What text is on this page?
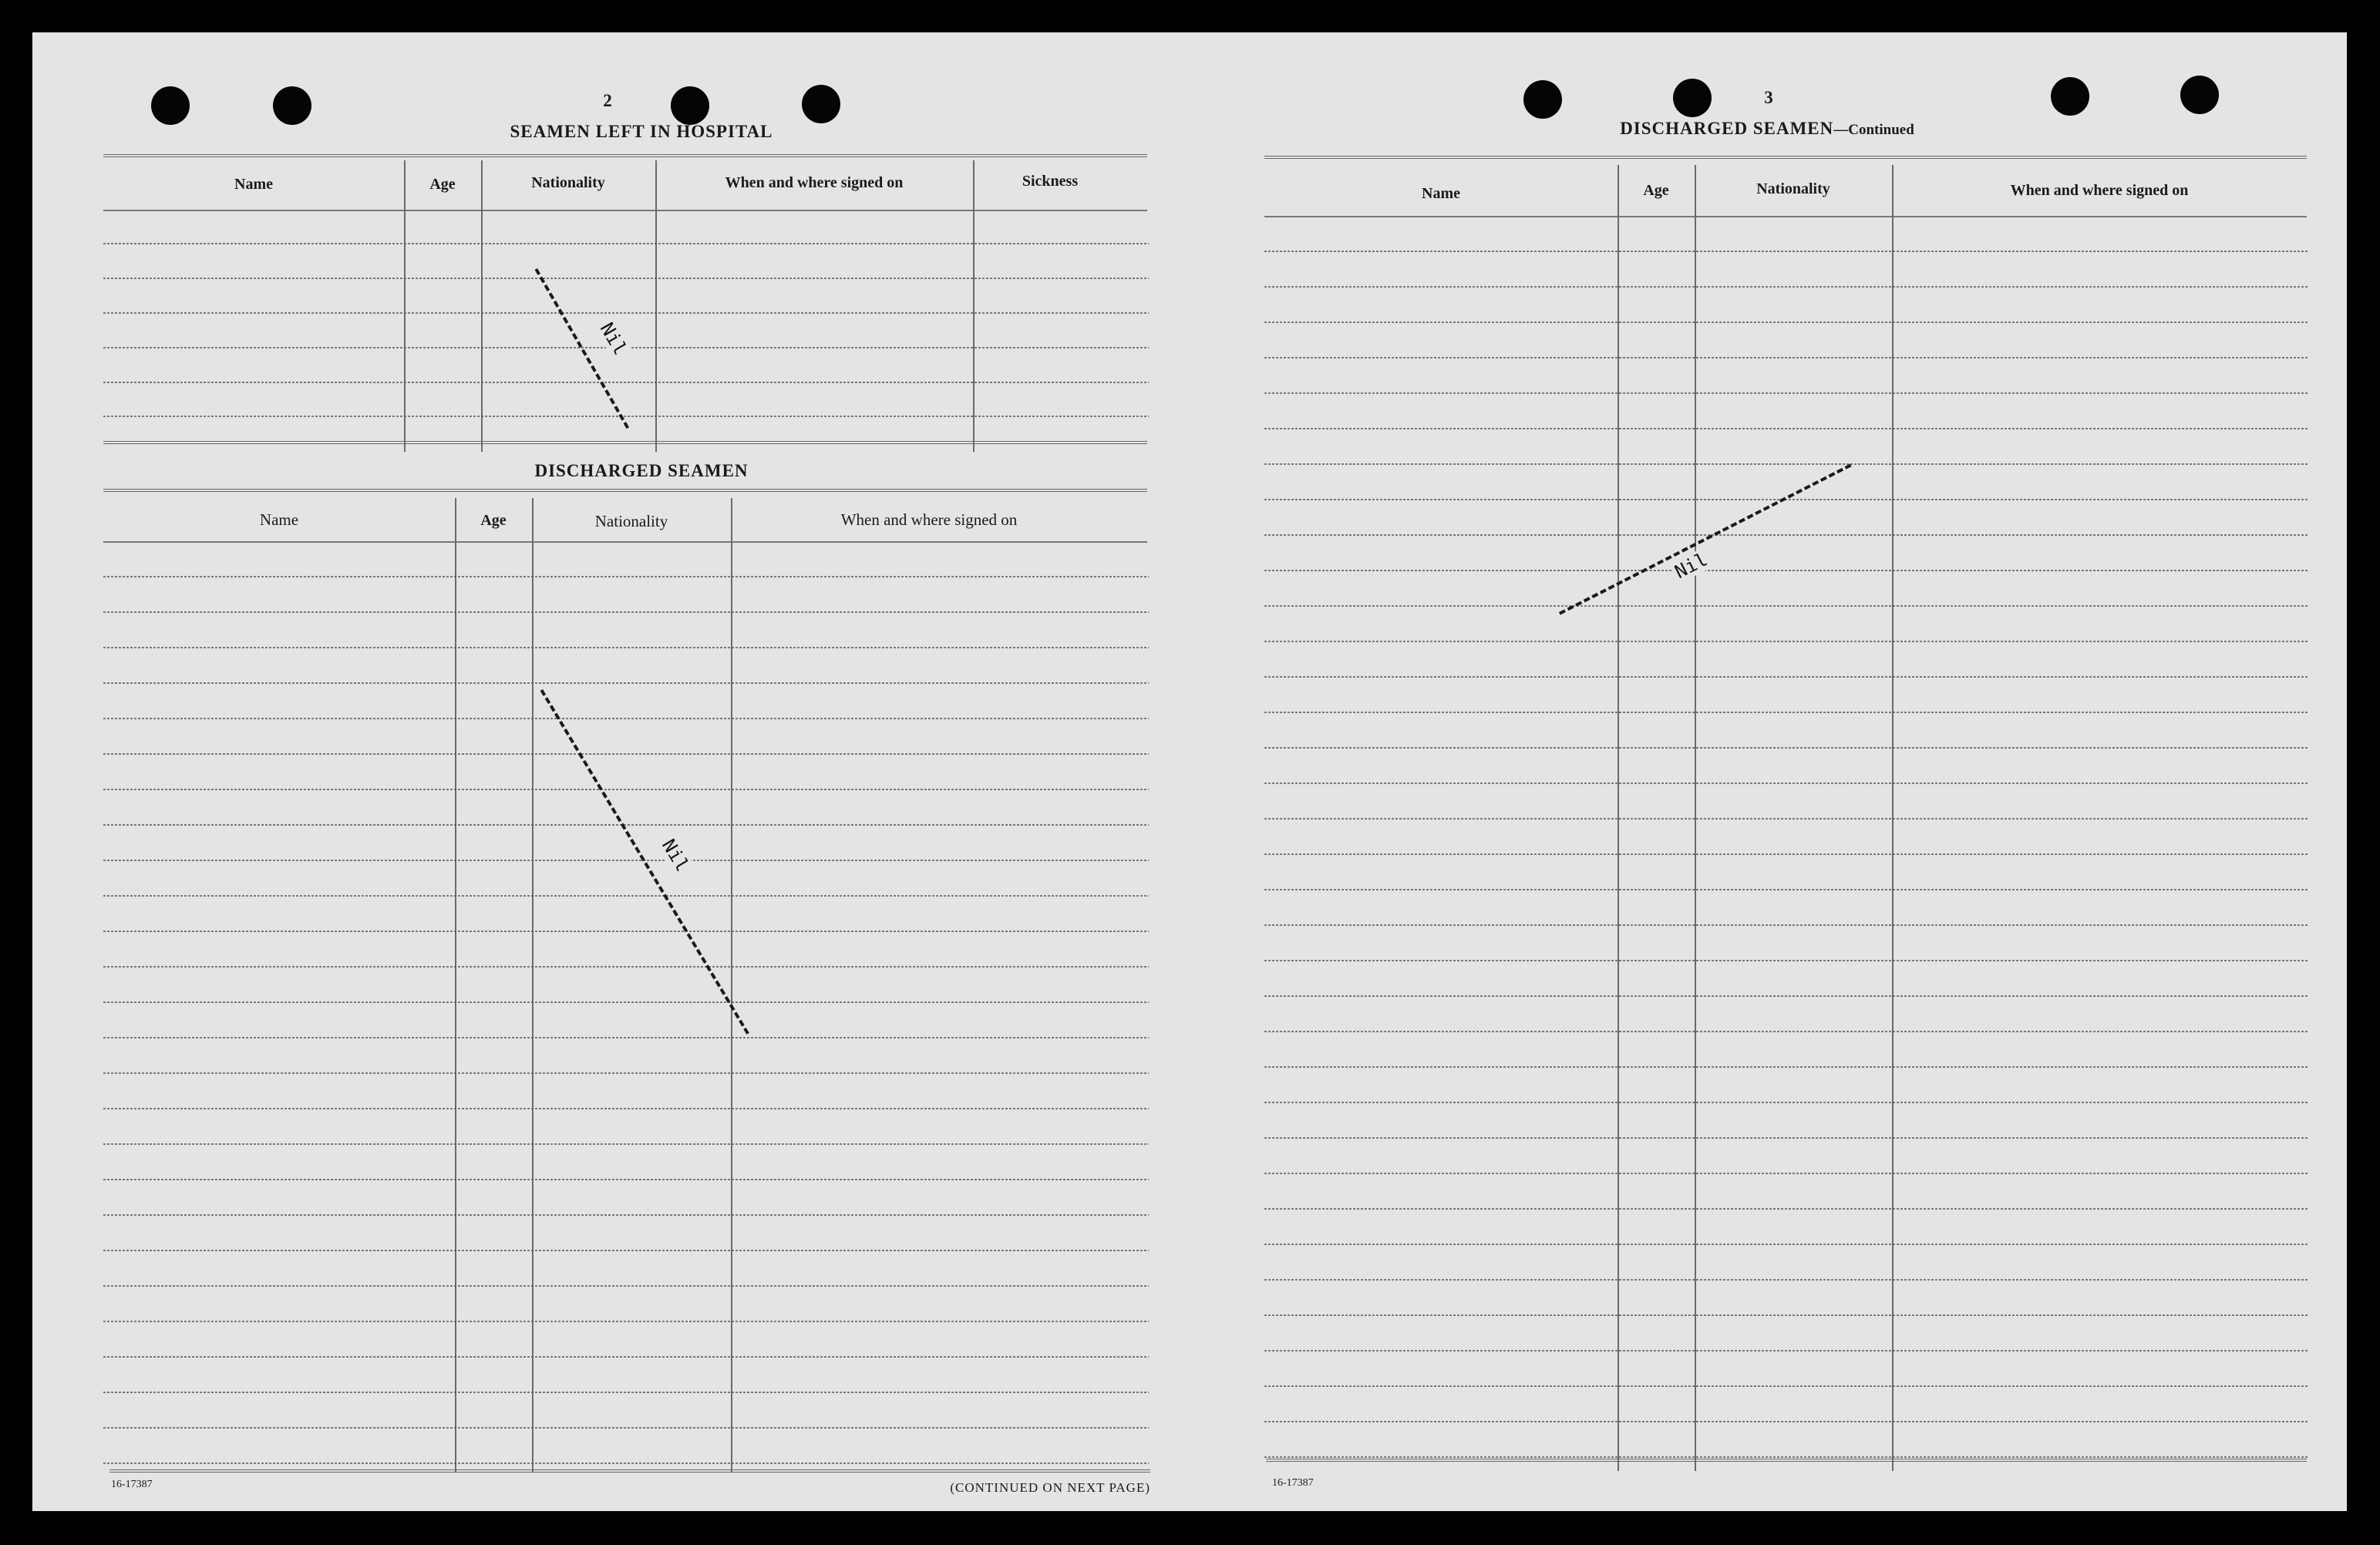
2
SEAMEN LEFT IN HOSPITAL
Name	Age	Nationality	When and where signed on	Sickness
DISCHARGED SEAMEN
Name	Age	Nationality	When and where signed on
16-17387	(CONTINUED ON NEXT PAGE)
Nil
Nil
3
DISCHARGED SEAMEN—Continued
Name	Age	Nationality	When and where signed on
16-17387
Nil
